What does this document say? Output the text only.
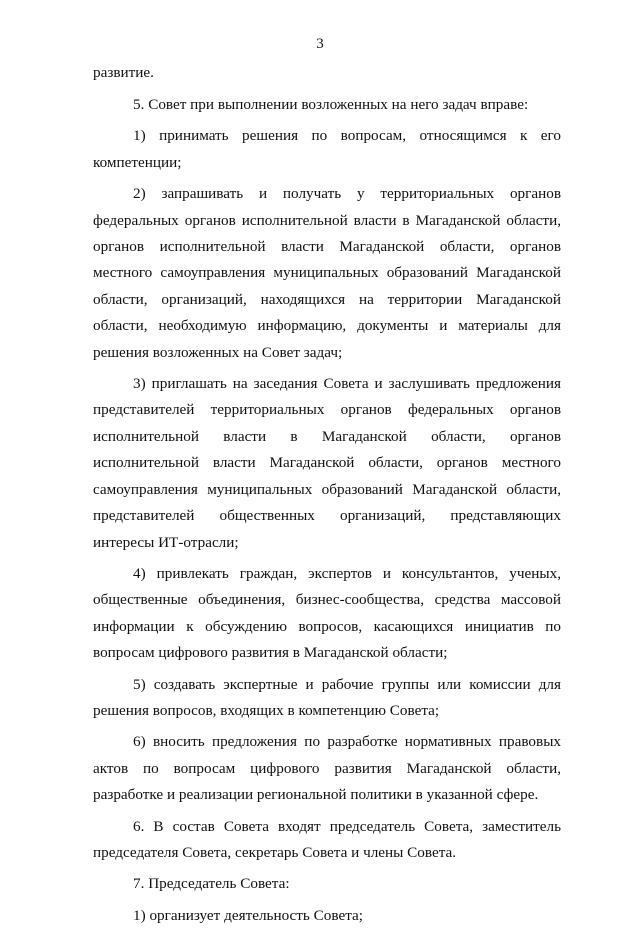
3

развитие.

5. Совет при выполнении возложенных на него задач вправе:

1) принимать решения по вопросам, относящимся к его компетенции;

2) запрашивать и получать у территориальных органов федеральных органов исполнительной власти в Магаданской области, органов исполнительной власти Магаданской области, органов местного самоуправления муниципальных образований Магаданской области, организаций, находящихся на территории Магаданской области, необходимую информацию, документы и материалы для решения возложенных на Совет задач;

3) приглашать на заседания Совета и заслушивать предложения представителей территориальных органов федеральных органов исполнительной власти в Магаданской области, органов исполнительной власти Магаданской области, органов местного самоуправления муниципальных образований Магаданской области, представителей общественных организаций, представляющих интересы ИТ-отрасли;

4) привлекать граждан, экспертов и консультантов, ученых, общественные объединения, бизнес-сообщества, средства массовой информации к обсуждению вопросов, касающихся инициатив по вопросам цифрового развития в Магаданской области;

5) создавать экспертные и рабочие группы или комиссии для решения вопросов, входящих в компетенцию Совета;

6) вносить предложения по разработке нормативных правовых актов по вопросам цифрового развития Магаданской области, разработке и реализации региональной политики в указанной сфере.

6. В состав Совета входят председатель Совета, заместитель председателя Совета, секретарь Совета и члены Совета.

7. Председатель Совета:

1) организует деятельность Совета;
